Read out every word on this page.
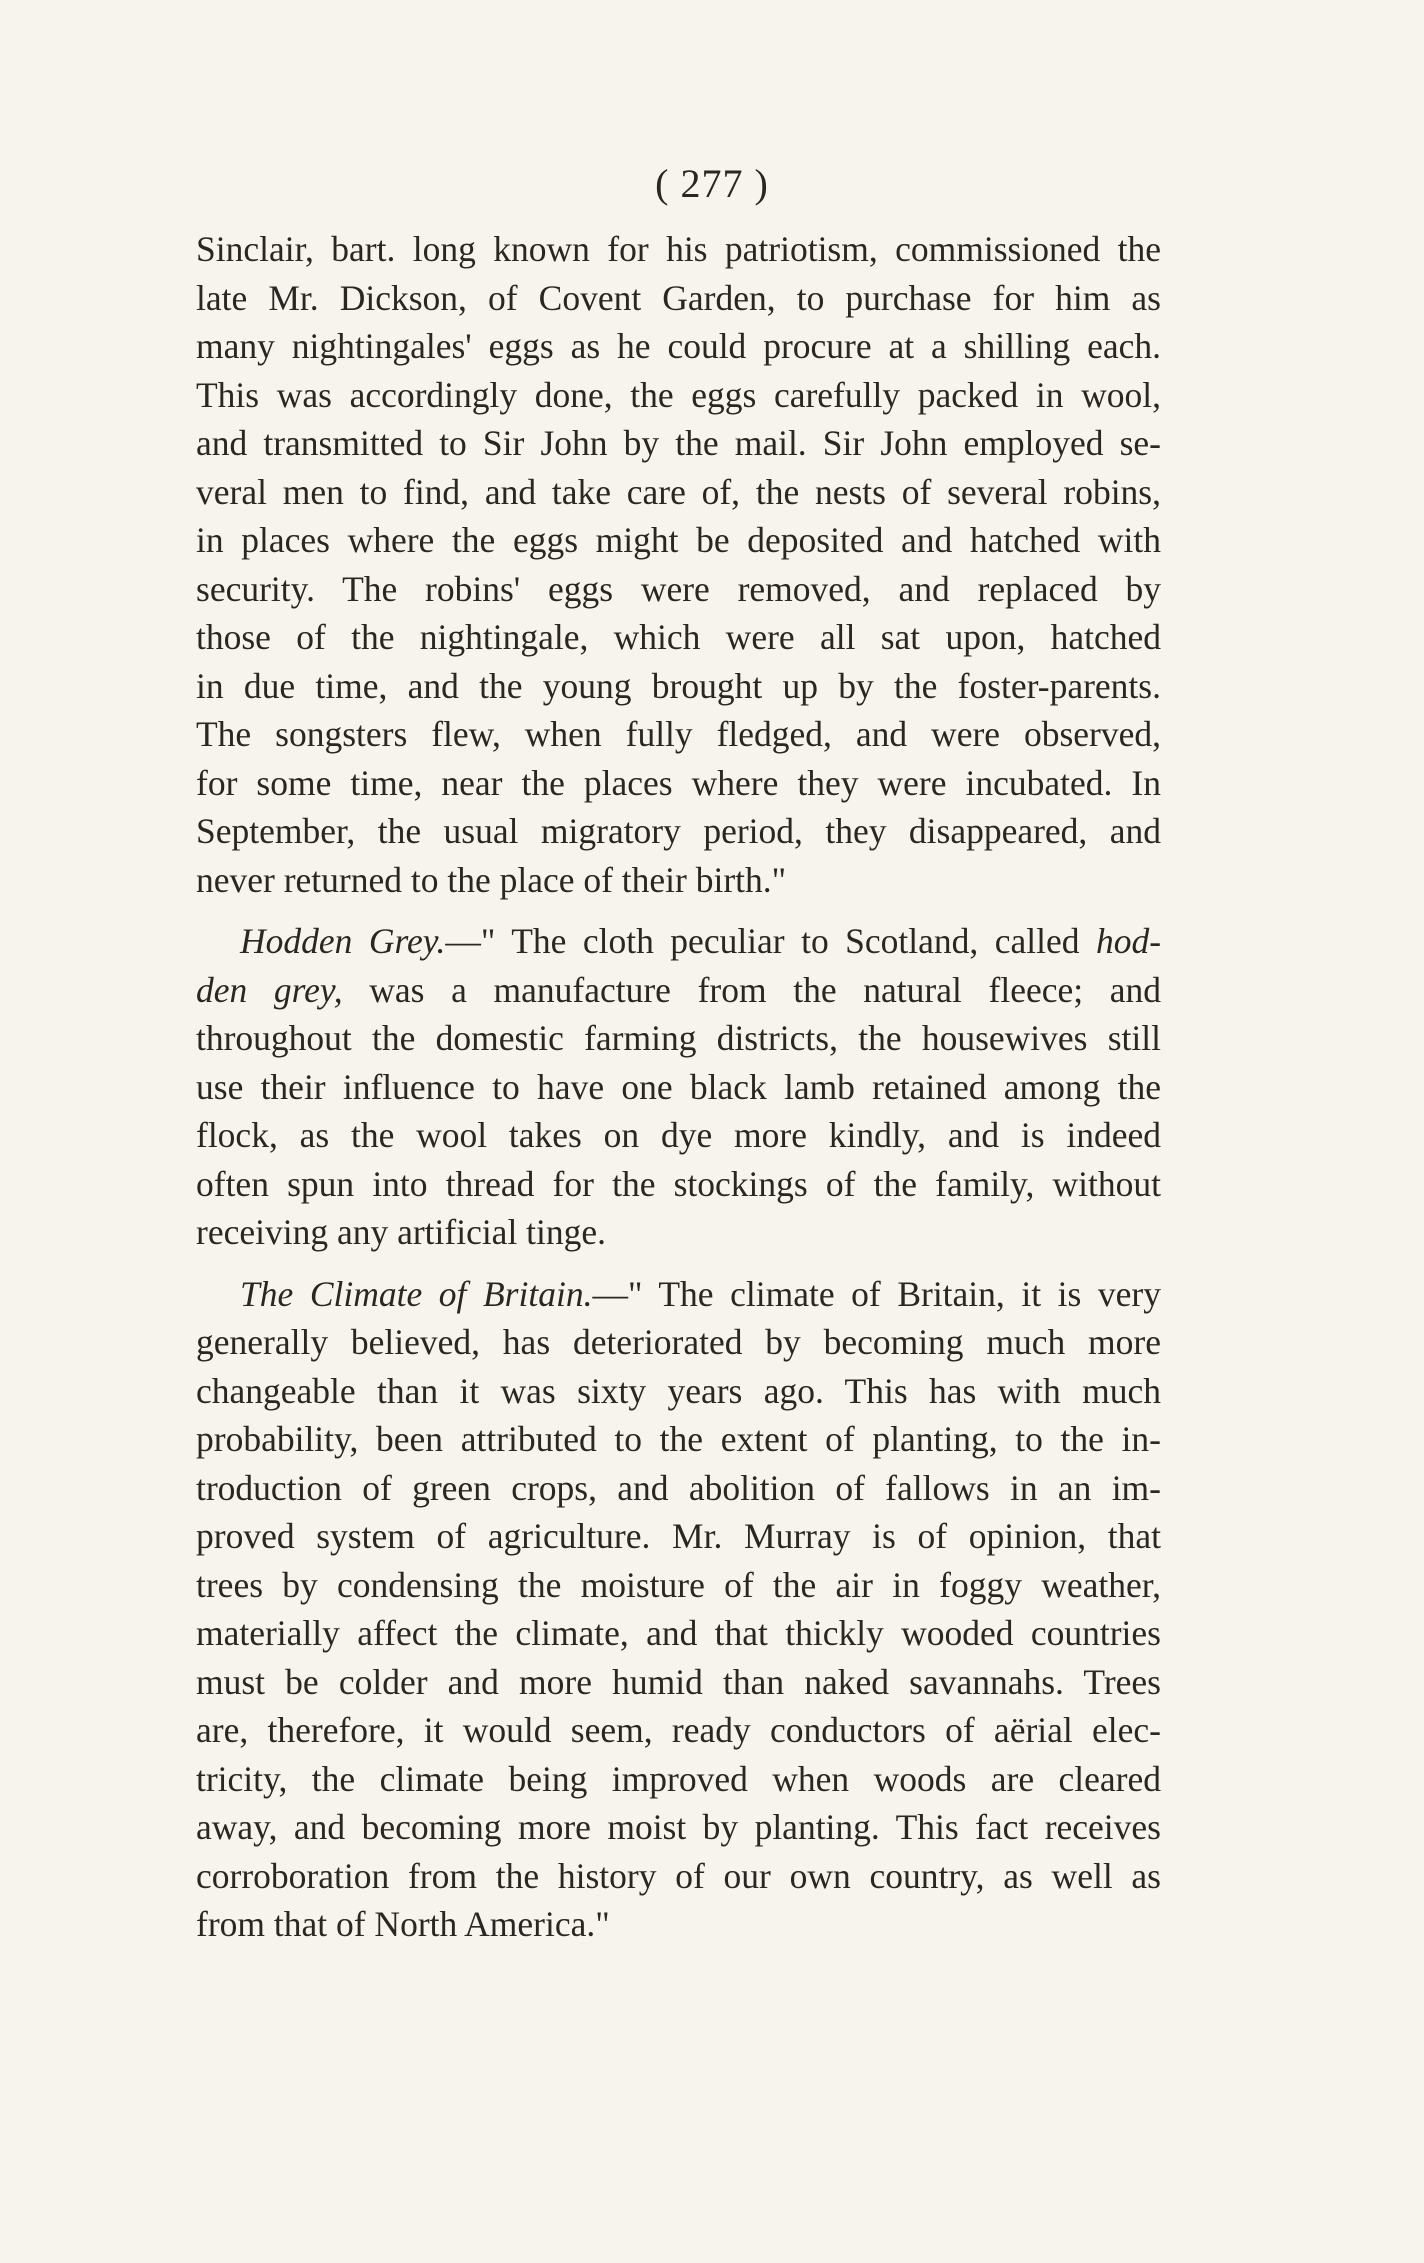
( 277 )
Sinclair, bart. long known for his patriotism, commissioned the
late Mr. Dickson, of Covent Garden, to purchase for him as
many nightingales' eggs as he could procure at a shilling each.
This was accordingly done, the eggs carefully packed in wool,
and transmitted to Sir John by the mail. Sir John employed se-
veral men to find, and take care of, the nests of several robins,
in places where the eggs might be deposited and hatched with
security. The robins' eggs were removed, and replaced by
those of the nightingale, which were all sat upon, hatched
in due time, and the young brought up by the foster-parents.
The songsters flew, when fully fledged, and were observed,
for some time, near the places where they were incubated. In
September, the usual migratory period, they disappeared, and
never returned to the place of their birth."
Hodden Grey.—" The cloth peculiar to Scotland, called hod-
den grey, was a manufacture from the natural fleece; and
throughout the domestic farming districts, the housewives still
use their influence to have one black lamb retained among the
flock, as the wool takes on dye more kindly, and is indeed
often spun into thread for the stockings of the family, without
receiving any artificial tinge.
The Climate of Britain.—" The climate of Britain, it is very
generally believed, has deteriorated by becoming much more
changeable than it was sixty years ago. This has with much
probability, been attributed to the extent of planting, to the in-
troduction of green crops, and abolition of fallows in an im-
proved system of agriculture. Mr. Murray is of opinion, that
trees by condensing the moisture of the air in foggy weather,
materially affect the climate, and that thickly wooded countries
must be colder and more humid than naked savannahs. Trees
are, therefore, it would seem, ready conductors of aërial elec-
tricity, the climate being improved when woods are cleared
away, and becoming more moist by planting. This fact receives
corroboration from the history of our own country, as well as
from that of North America."
